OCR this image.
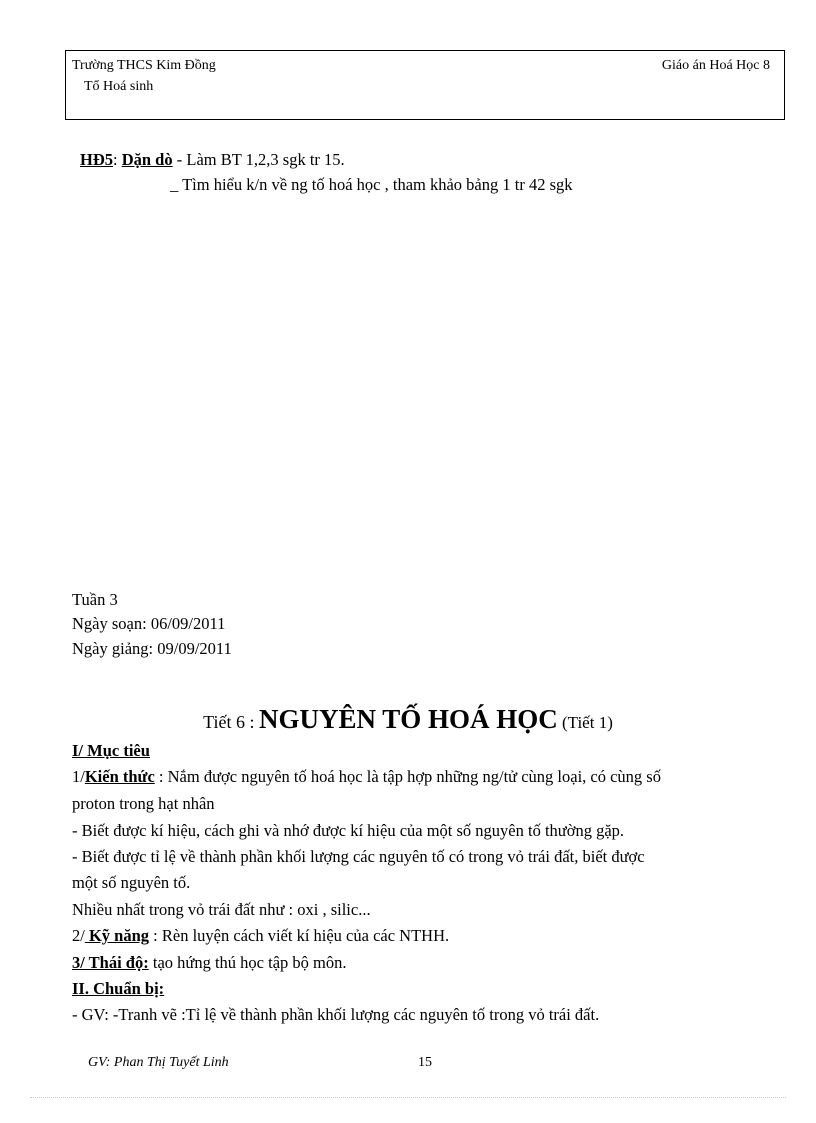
Trường THCS Kim Đồng
Tổ Hoá sinh
Giáo án Hoá Học 8
HĐ5: Dặn dò - Làm BT 1,2,3 sgk tr 15.
_ Tìm hiểu k/n về ng tố hoá học , tham khảo bảng 1 tr 42 sgk
Tuần 3
Ngày soạn: 06/09/2011
Ngày giảng: 09/09/2011
Tiết 6 : NGUYÊN TỐ HOÁ HỌC (Tiết 1)
I/ Mục tiêu
1/Kiến thức : Nắm được nguyên tố hoá học là tập hợp những ng/tử cùng loại, có cùng số
proton trong hạt nhân
- Biết được kí hiệu, cách ghi và nhớ được kí hiệu của một số nguyên tố thường gặp.
- Biết được tỉ lệ về thành phần khối lượng các nguyên tố có trong vỏ trái đất, biết được
một số nguyên tố.
Nhiều nhất trong vỏ trái đất như : oxi , silic...
2/ Kỹ năng : Rèn luyện cách viết kí hiệu của các NTHH.
3/ Thái độ: tạo hứng thú học tập bộ môn.
II. Chuẩn bị:
- GV: -Tranh vẽ :Tỉ lệ về thành phần khối lượng các nguyên tố trong vỏ trái đất.
GV: Phan Thị Tuyết Linh	15
